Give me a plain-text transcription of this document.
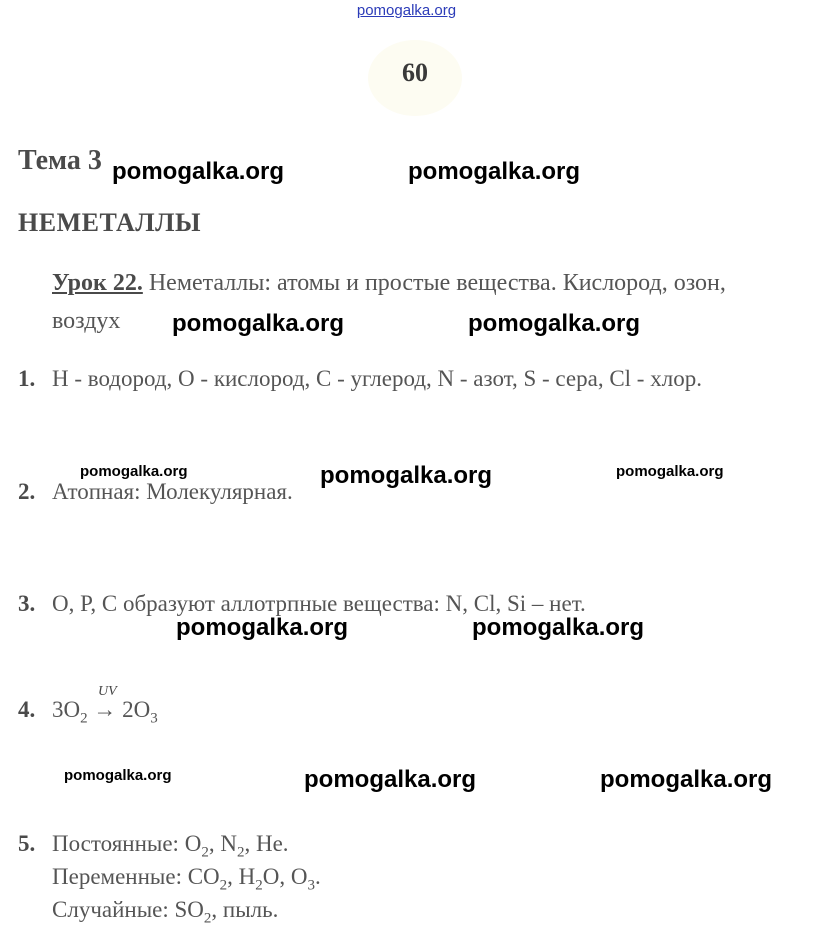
pomogalka.org
60
Тема 3 pomogalka.org	pomogalka.org
НЕМЕТАЛЛЫ
Урок 22. Неметаллы: атомы и простые вещества. Кислород, озон,
воздух pomogalka.org	pomogalka.org
1. H - водород, O - кислород, C - углерод, N - азот, S - сера, Cl - хлор.
pomogalka.org	pomogalka.org	pomogalka.org
2. Атопная: Молекулярная.
3. O, P, C образуют аллотрпные вещества: N, Cl, Si – нет.
pomogalka.org	pomogalka.org
UV
4. $3O_2 \to 2O_3$
pomogalka.org	pomogalka.org	pomogalka.org
5. Постоянные: $O_2$, $N_2$, He.
Переменные: $CO_2$, $H_2O$, $O_3$.
Случайные: $SO_2$, пыль.
